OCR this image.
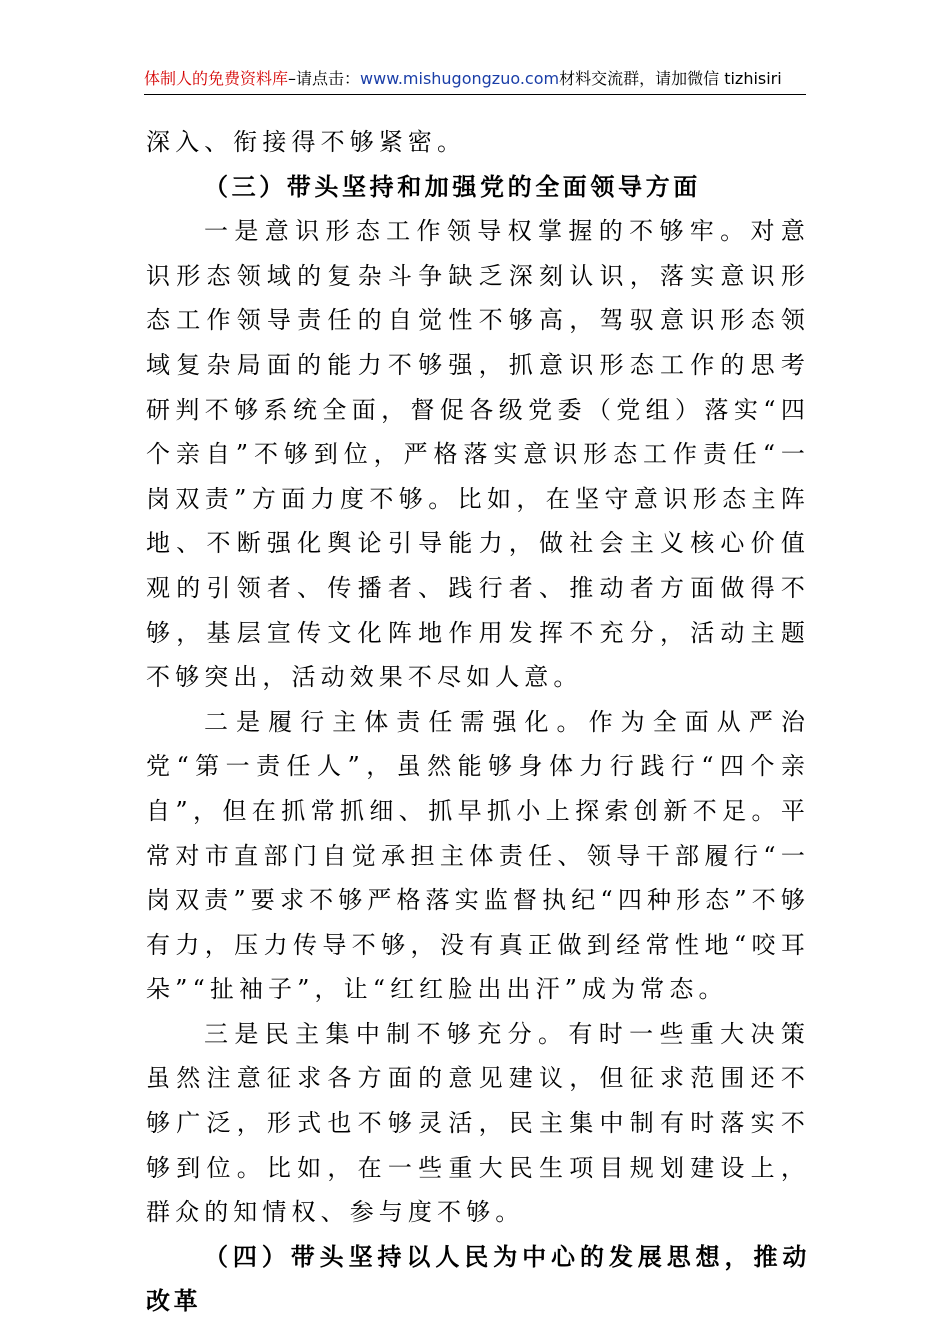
体制人的免费资料库–请点击：www.mishugongzuo.com材料交流群，请加微信 tizhisiri

深入、衔接得不够紧密。

（三）带头坚持和加强党的全面领导方面

一是意识形态工作领导权掌握的不够牢。对意识形态领域的复杂斗争缺乏深刻认识，落实意识形态工作领导责任的自觉性不够高，驾驭意识形态领域复杂局面的能力不够强，抓意识形态工作的思考研判不够系统全面，督促各级党委（党组）落实“四个亲自”不够到位，严格落实意识形态工作责任“一岗双责”方面力度不够。比如，在坚守意识形态主阵地、不断强化舆论引导能力，做社会主义核心价值观的引领者、传播者、践行者、推动者方面做得不够，基层宣传文化阵地作用发挥不充分，活动主题不够突出，活动效果不尽如人意。

二是履行主体责任需强化。作为全面从严治党“第一责任人”，虽然能够身体力行践行“四个亲自”，但在抓常抓细、抓早抓小上探索创新不足。平常对市直部门自觉承担主体责任、领导干部履行“一岗双责”要求不够严格落实监督执纪“四种形态”不够有力，压力传导不够，没有真正做到经常性地“咬耳朵”“扯袖子”，让“红红脸出出汗”成为常态。

三是民主集中制不够充分。有时一些重大决策虽然注意征求各方面的意见建议，但征求范围还不够广泛，形式也不够灵活，民主集中制有时落实不够到位。比如，在一些重大民生项目规划建设上，群众的知情权、参与度不够。

（四）带头坚持以人民为中心的发展思想，推动改革
